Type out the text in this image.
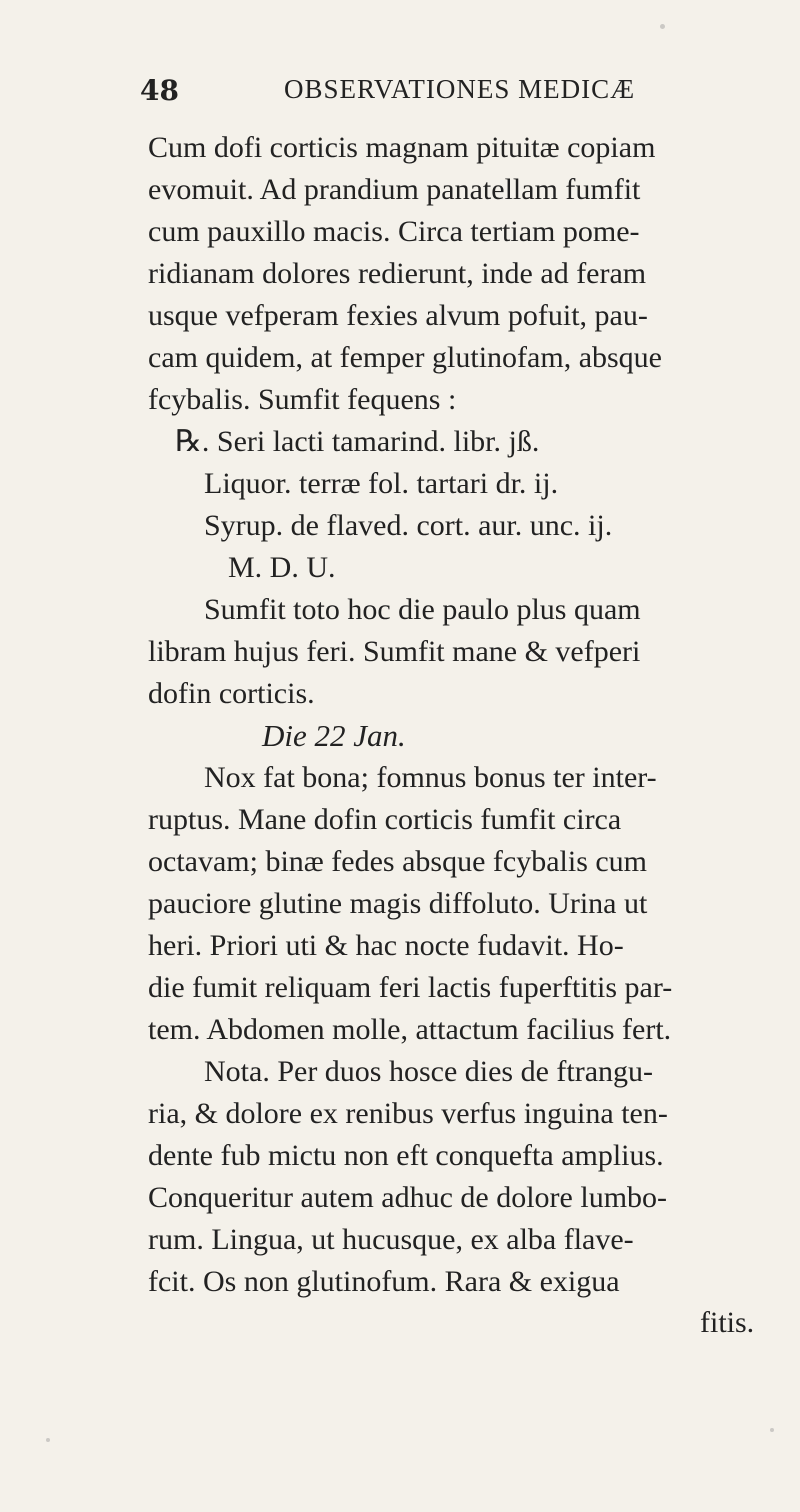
48	OBSERVATIONES MEDICÆ
Cum dofi corticis magnam pituitæ copiam
evomuit. Ad prandium panatellam fumfit
cum pauxillo macis. Circa tertiam pome-
ridianam dolores redierunt, inde ad feram
usque vefperam fexies alvum pofuit, pau-
cam quidem, at femper glutinofam, absque
fcybalis. Sumfit fequens :
℞. Seri lacti tamarind. libr. jß.
Liquor. terræ fol. tartari dr. ij.
Syrup. de flaved. cort. aur. unc. ij.
M. D. U.
Sumfit toto hoc die paulo plus quam
libram hujus feri. Sumfit mane & vefperi
dofin corticis.
Die 22 Jan.
Nox fat bona; fomnus bonus ter inter-
ruptus. Mane dofin corticis fumfit circa
octavam; binæ fedes absque fcybalis cum
pauciore glutine magis diffoluto. Urina ut
heri. Priori uti & hac nocte fudavit. Ho-
die fumit reliquam feri lactis fuperftitis par-
tem. Abdomen molle, attactum facilius fert.
Nota. Per duos hosce dies de ftrangu-
ria, & dolore ex renibus verfus inguina ten-
dente fub mictu non eft conquefta amplius.
Conqueritur autem adhuc de dolore lumbo-
rum. Lingua, ut hucusque, ex alba flave-
fcit. Os non glutinofum. Rara & exigua
fitis.
